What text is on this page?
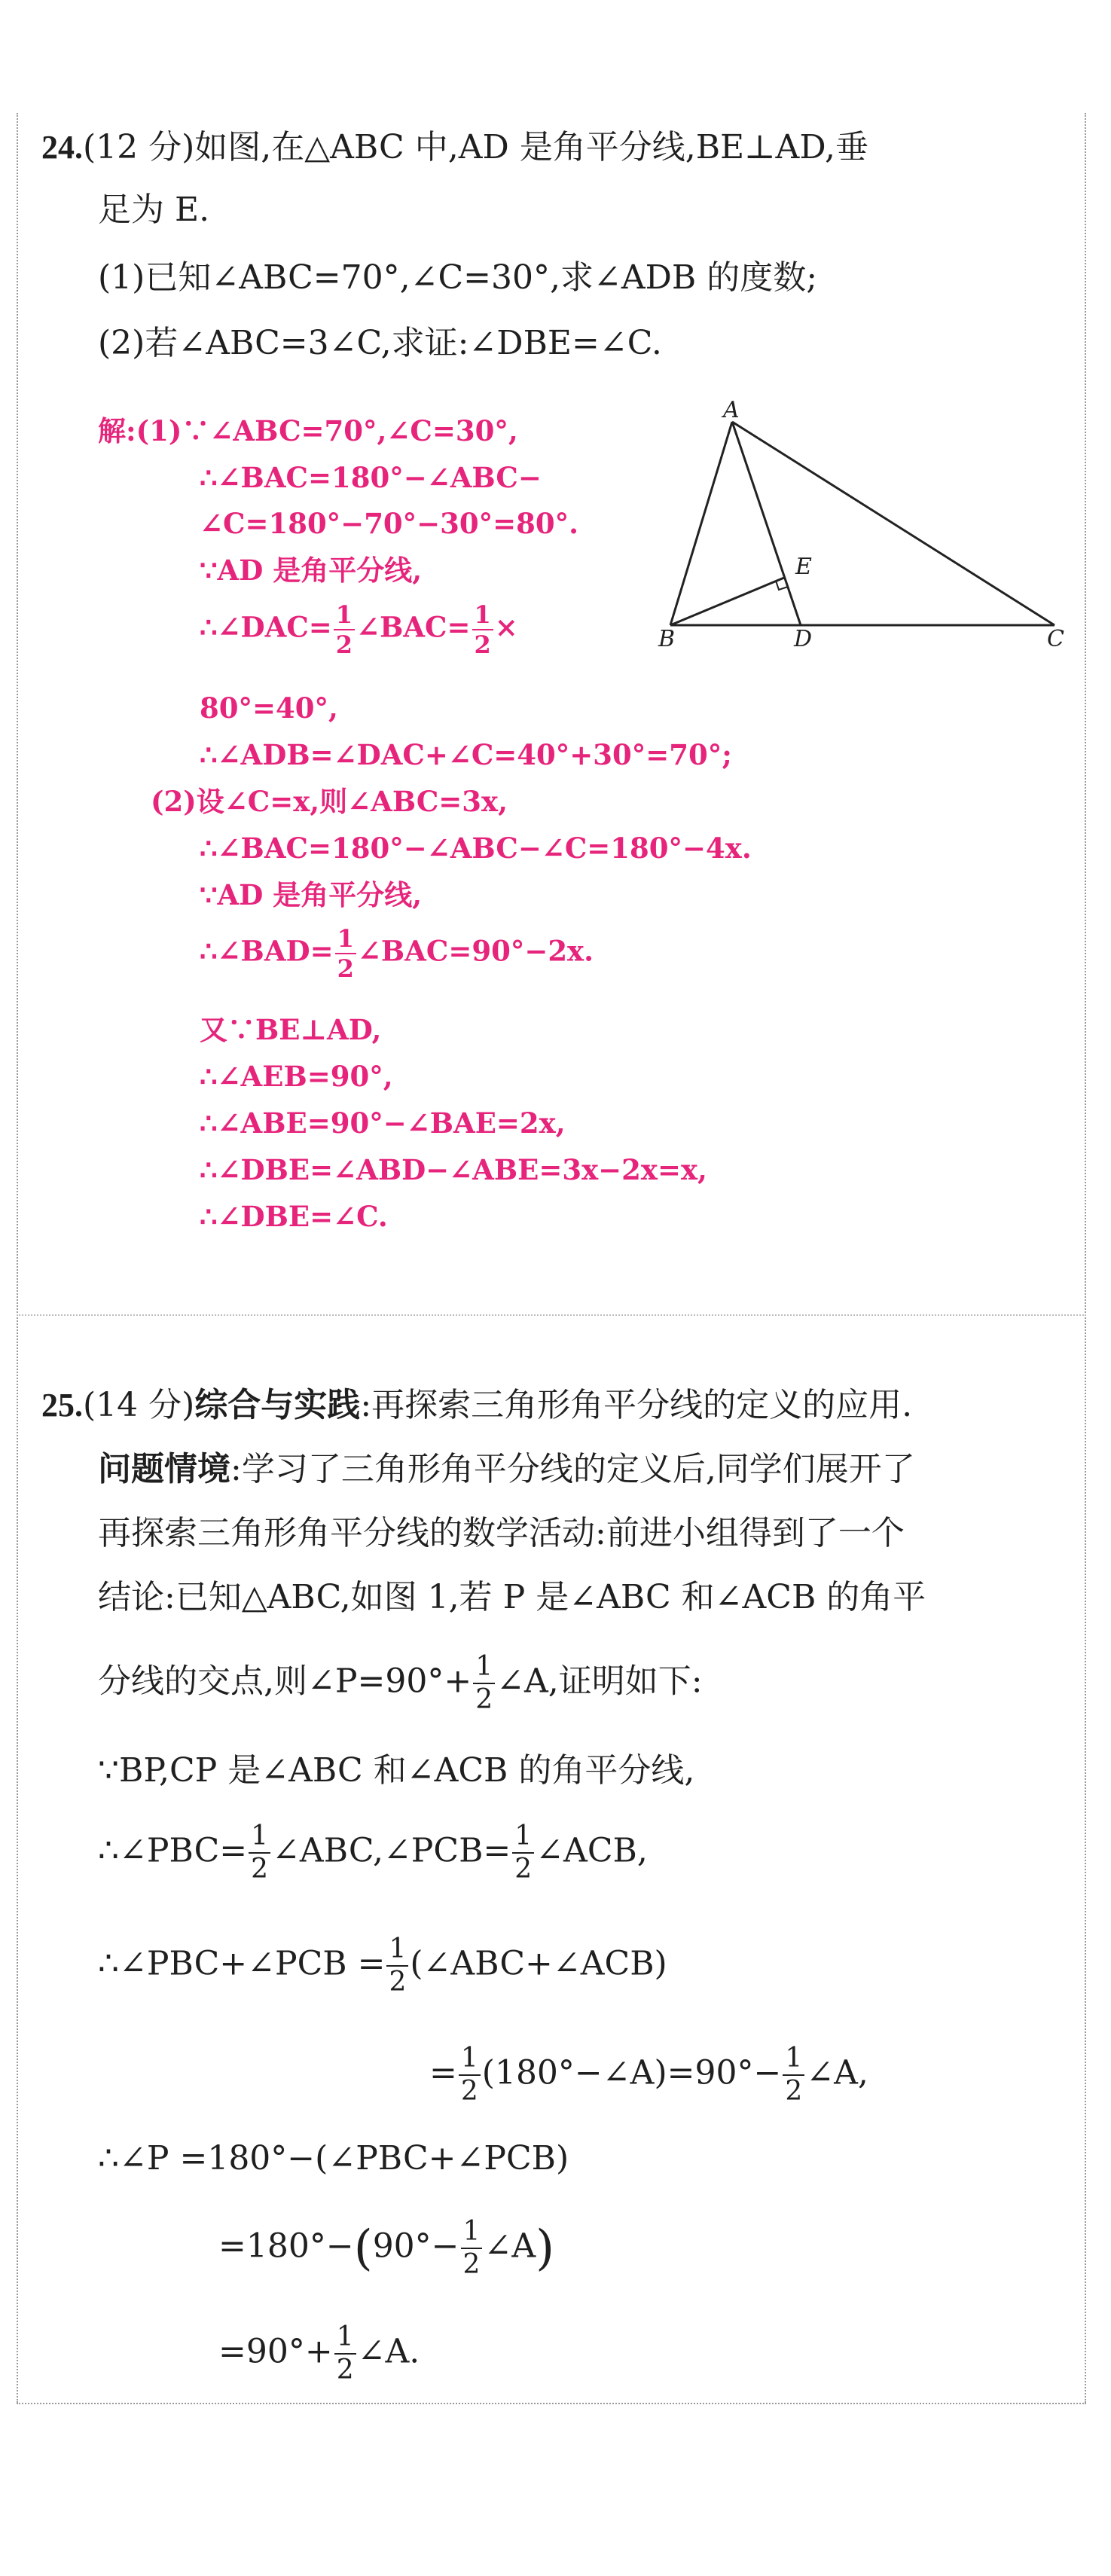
24.(12 分)如图,在△ABC 中,AD 是角平分线,BE⊥AD,垂
足为 E.
(1)已知∠ABC=70°,∠C=30°,求∠ADB 的度数;
(2)若∠ABC=3∠C,求证:∠DBE=∠C.
A
B	C
D
E
解:(1)∵∠ABC=70°,∠C=30°,
∴∠BAC=180°−∠ABC−
∠C=180°−70°−30°=80°.
∵AD 是角平分线,
∴∠DAC= $\frac{1}{2}$ ∠BAC= $\frac{1}{2}$ ×
80°=40°,
∴∠ADB=∠DAC+∠C=40°+30°=70°;
(2)设∠C=x,则∠ABC=3x,
∴∠BAC=180°−∠ABC−∠C=180°−4x.
∵AD 是角平分线,
∴∠BAD= $\frac{1}{2}$ ∠BAC=90°−2x.
又∵BE⊥AD,
∴∠AEB=90°,
∴∠ABE=90°−∠BAE=2x,
∴∠DBE=∠ABD−∠ABE=3x−2x=x,
∴∠DBE=∠C.
25.(14 分)综合与实践:再探索三角形角平分线的定义的应用.
问题情境:学习了三角形角平分线的定义后,同学们展开了
再探索三角形角平分线的数学活动:前进小组得到了一个
结论:已知△ABC,如图 1,若 P 是∠ABC 和∠ACB 的角平
分线的交点,则∠P=90°+ $\frac{1}{2}$ ∠A,证明如下:
∵BP,CP 是∠ABC 和∠ACB 的角平分线,
∴∠PBC= $\frac{1}{2}$ ∠ABC,∠PCB= $\frac{1}{2}$ ∠ACB,
∴∠PBC+∠PCB = $\frac{1}{2}$ (∠ABC+∠ACB)
= $\frac{1}{2}$ (180°−∠A)=90°− $\frac{1}{2}$ ∠A,
∴∠P =180°−(∠PBC+∠PCB)
$=180^\circ-(90^\circ- \frac{1}{2}$ ∠A)
$=90^\circ+ \frac{1}{2}$ ∠A.
